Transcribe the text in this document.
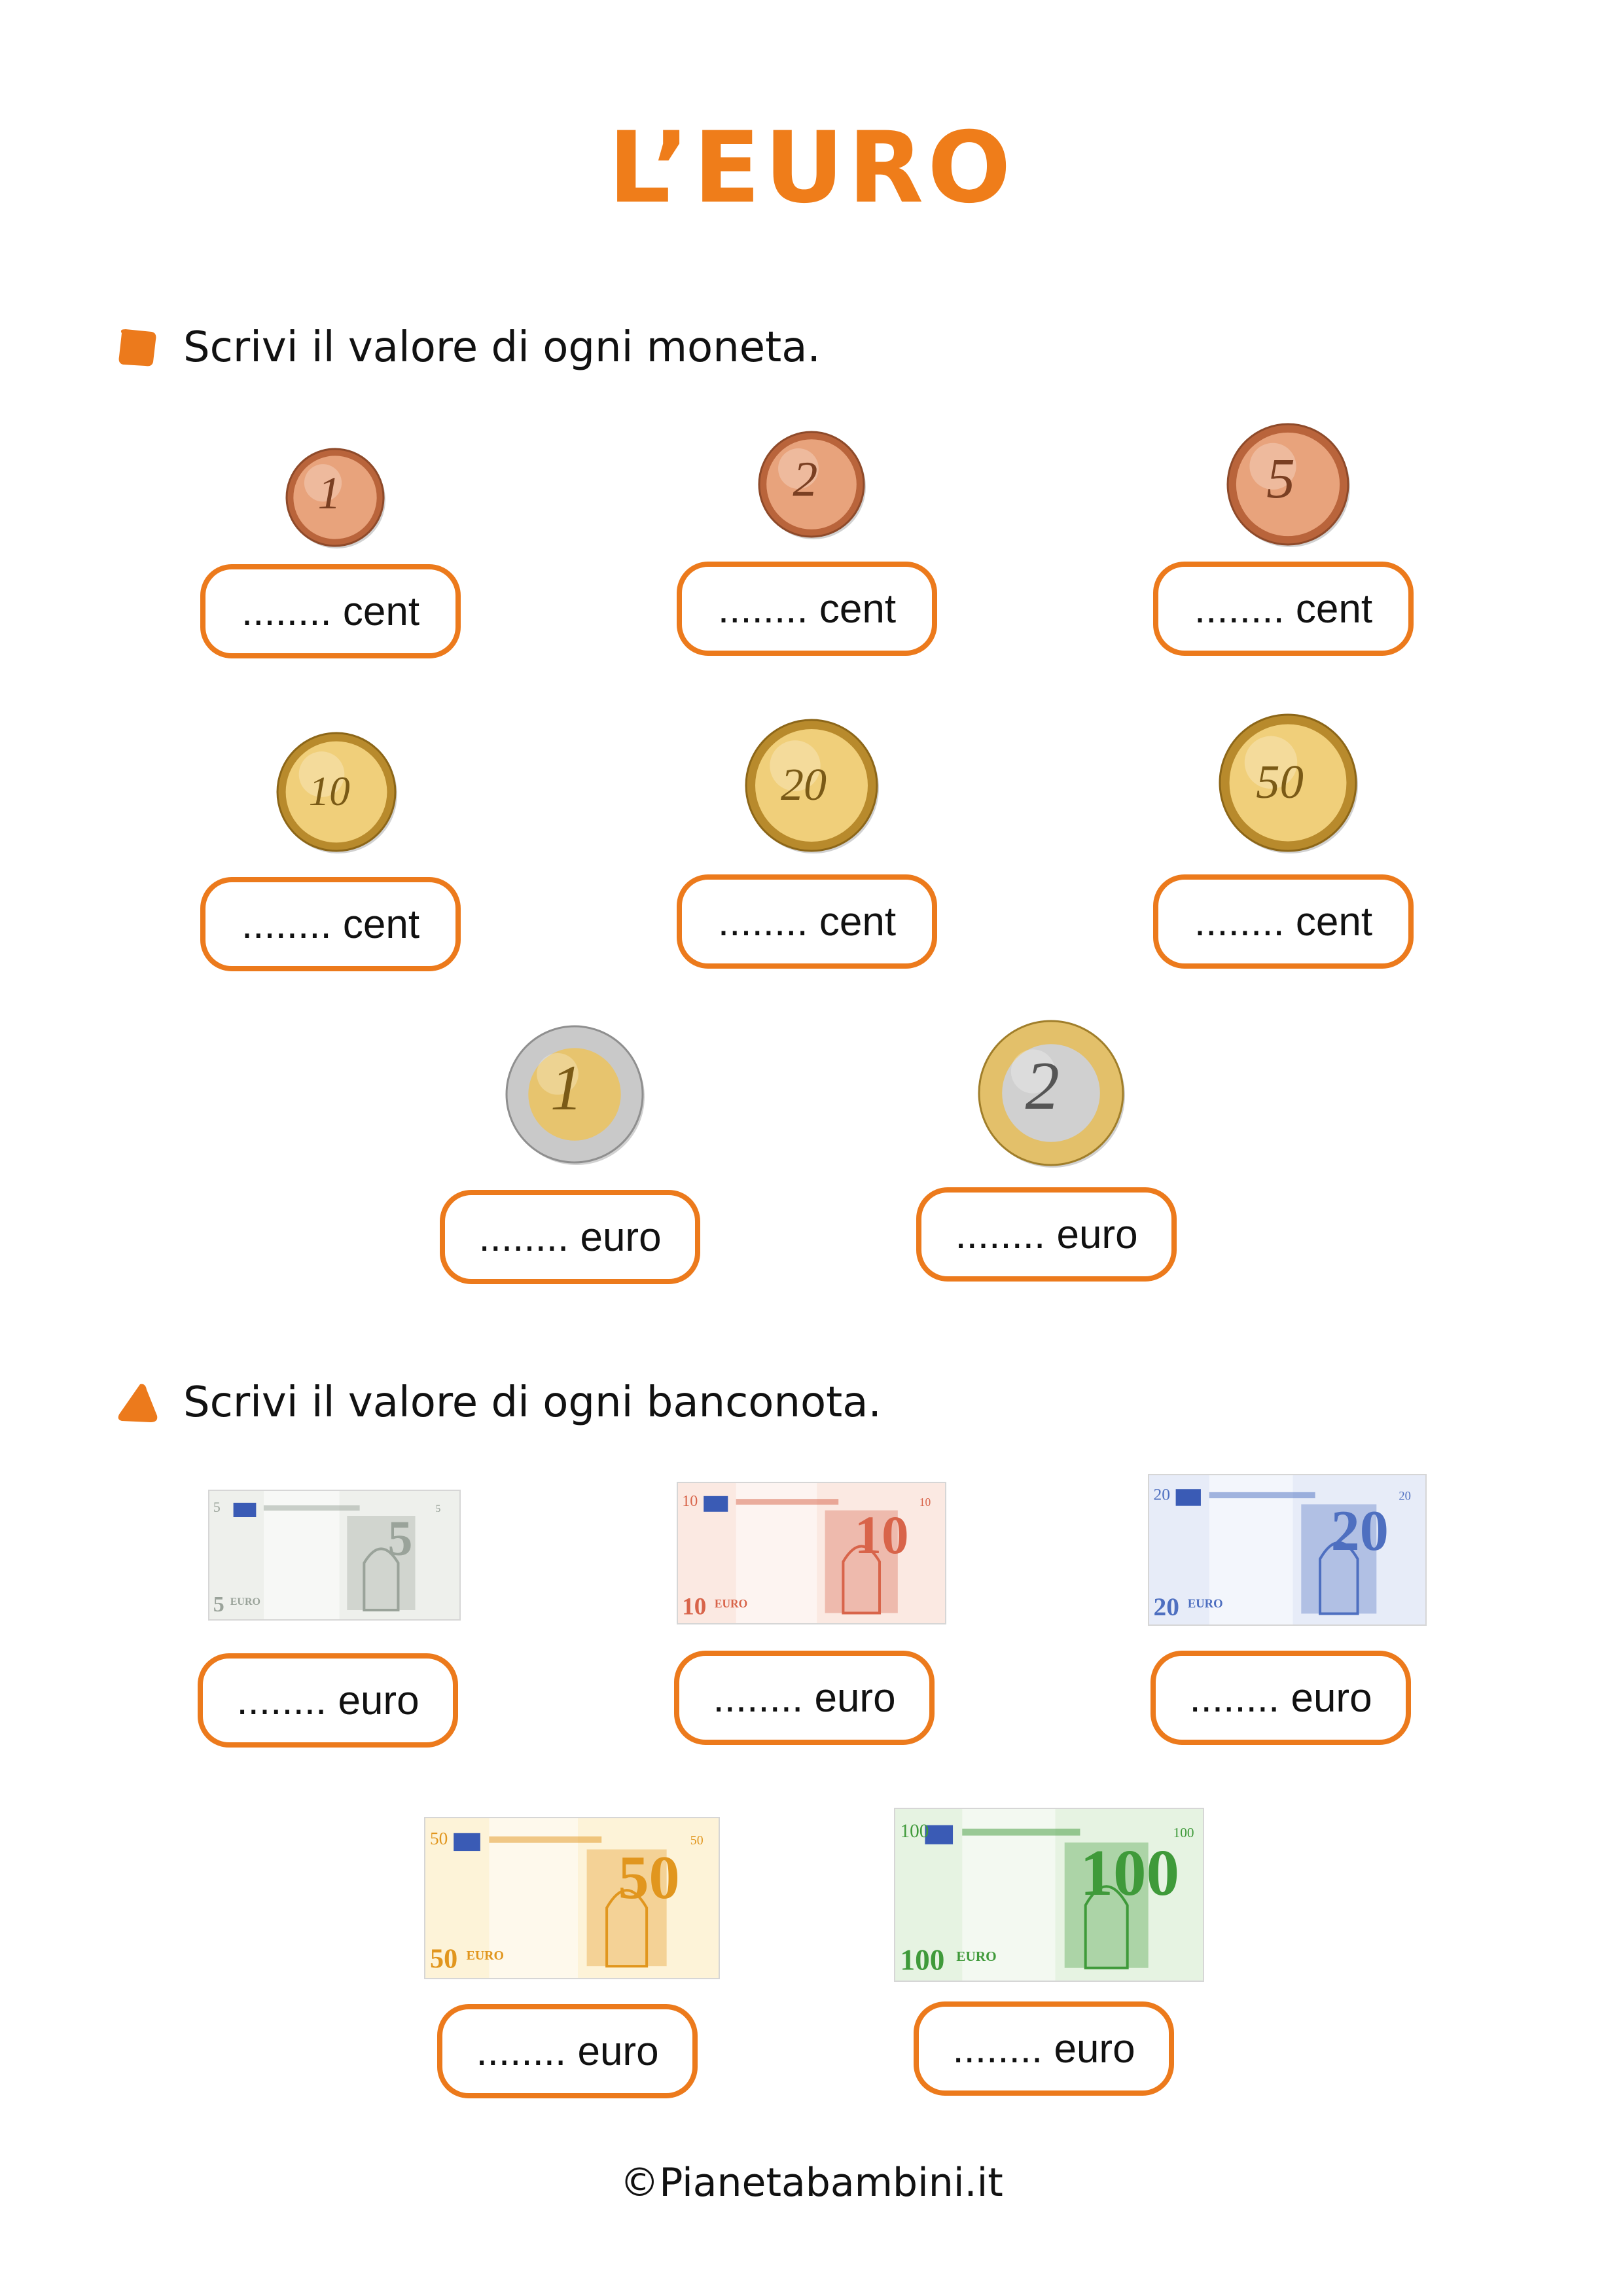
L’EURO
Scrivi il valore di ogni moneta.
1
........ cent
2
........ cent
5
........ cent
10
........ cent
20
........ cent
50
........ cent
1
........ euro
2
........ euro
Scrivi il valore di ogni banconota.
5
5	5
5 EURO
........ euro
10
10	10
10 EURO
........ euro
20
20	20
20 EURO
........ euro
50
50	50
50 EURO
........ euro
100
100	100
100 EURO
........ euro
©Pianetabambini.it
